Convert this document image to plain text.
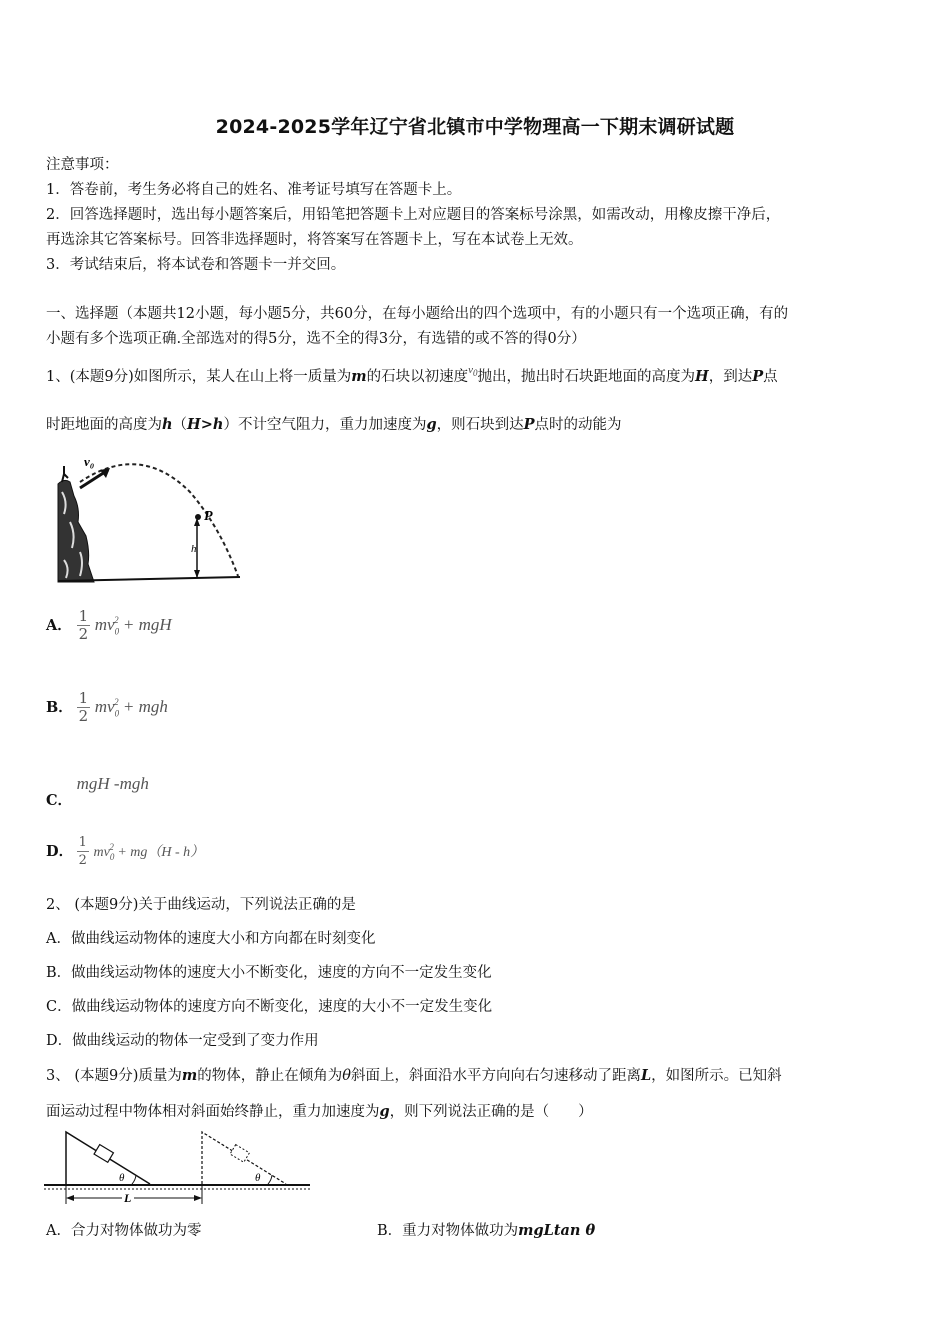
2024-2025学年辽宁省北镇市中学物理高一下期末调研试题
注意事项：
1．答卷前，考生务必将自己的姓名、准考证号填写在答题卡上。
2．回答选择题时，选出每小题答案后，用铅笔把答题卡上对应题目的答案标号涂黑，如需改动，用橡皮擦干净后，
再选涂其它答案标号。回答非选择题时，将答案写在答题卡上，写在本试卷上无效。
3．考试结束后，将本试卷和答题卡一并交回。
一、选择题（本题共12小题，每小题5分，共60分，在每小题给出的四个选项中，有的小题只有一个选项正确，有的
小题有多个选项正确.全部选对的得5分，选不全的得3分，有选错的或不答的得0分）
1、(本题9分)如图所示，某人在山上将一质量为m的石块以初速度$^{v_0}$抛出，抛出时石块距地面的高度为H，到达P点
时距地面的高度为h（H>h）不计空气阻力，重力加速度为g，则石块到达P点时的动能为
v₀
P
h
A． $\frac{1}{2} mv_0^2$ + mgH
B． $\frac{1}{2} mv_0^2$ + mgh
C． mgH -mgh
D． $\frac{1}{2} mv_0^2 + mg(H - h)$
2、 (本题9分)关于曲线运动，下列说法正确的是
A．做曲线运动物体的速度大小和方向都在时刻变化
B．做曲线运动物体的速度大小不断变化，速度的方向不一定发生变化
C．做曲线运动物体的速度方向不断变化，速度的大小不一定发生变化
D．做曲线运动的物体一定受到了变力作用
3、 (本题9分)质量为m的物体，静止在倾角为θ斜面上，斜面沿水平方向向右匀速移动了距离L，如图所示。已知斜
面运动过程中物体相对斜面始终静止，重力加速度为g，则下列说法正确的是（　　）
θ	θ
L
A．合力对物体做功为零	B．重力对物体做功为mgLtan θ
